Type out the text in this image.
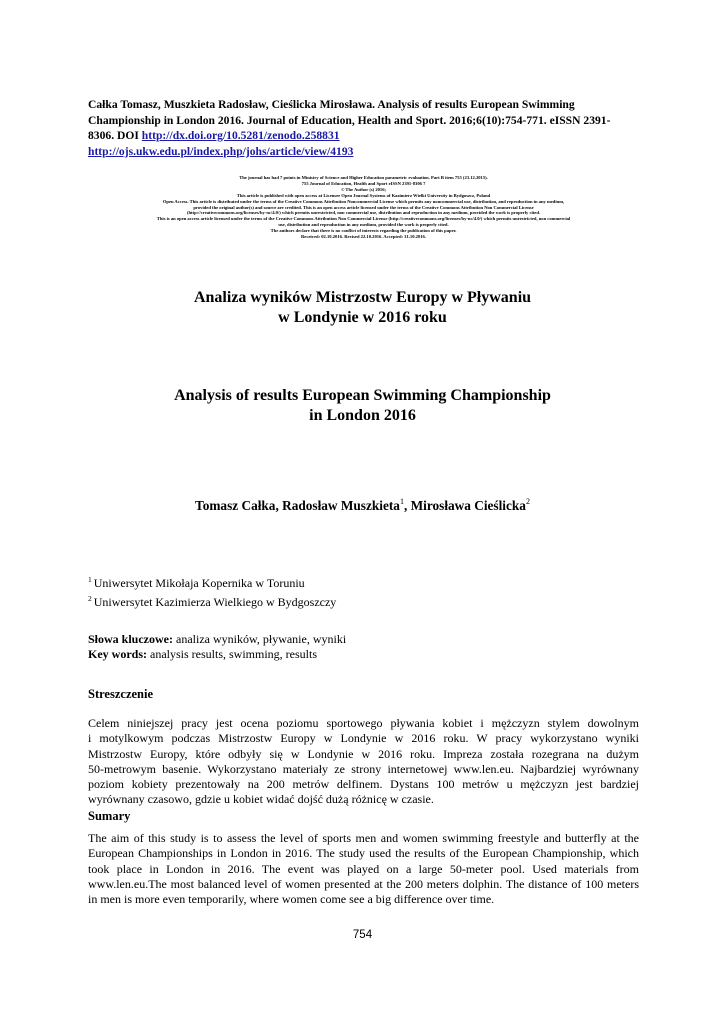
Całka Tomasz, Muszkieta Radosław, Cieślicka Mirosława. Analysis of results European Swimming
Championship in London 2016. Journal of Education, Health and Sport. 2016;6(10):754-771. eISSN 2391-
8306. DOI http://dx.doi.org/10.5281/zenodo.258831
http://ojs.ukw.edu.pl/index.php/johs/article/view/4193
The journal has had 7 points in Ministry of Science and Higher Education parametric evaluation. Part B item 755 (23.12.2015).
755 Journal of Education, Health and Sport eISSN 2391-8306 7
© The Author (s) 2016;
This article is published with open access at Licensee Open Journal Systems of Kazimierz Wielki University in Bydgoszcz, Poland
Open Access. This article is distributed under the terms of the Creative Commons Attribution Noncommercial License which permits any noncommercial use, distribution, and reproduction in any medium,
provided the original author(s) and source are credited. This is an open access article licensed under the terms of the Creative Commons Attribution Non Commercial License
(http://creativecommons.org/licenses/by-nc/4.0/) which permits unrestricted, non commercial use, distribution and reproduction in any medium, provided the work is properly cited.
This is an open access article licensed under the terms of the Creative Commons Attribution Non Commercial License (http://creativecommons.org/licenses/by-nc/4.0/) which permits unrestricted, non commercial
use, distribution and reproduction in any medium, provided the work is properly cited.
The authors declare that there is no conflict of interests regarding the publication of this paper.
Received: 02.10.2016. Revised 22.10.2016. Accepted: 31.10.2016.
Analiza wyników Mistrzostw Europy w Pływaniu
w Londynie w 2016 roku
Analysis of results European Swimming Championship
in London 2016
Tomasz Całka, Radosław Muszkieta$^1$, Mirosława Cieślicka$^2$
$^1$ Uniwersytet Mikołaja Kopernika w Toruniu
$^2$ Uniwersytet Kazimierza Wielkiego w Bydgoszczy
Słowa kluczowe: analiza wyników, pływanie, wyniki
Key words: analysis results, swimming, results
Streszczenie
Celem niniejszej pracy jest ocena poziomu sportowego pływania kobiet i mężczyzn stylem dowolnym
i motylkowym podczas Mistrzostw Europy w Londynie w 2016 roku. W pracy wykorzystano wyniki
Mistrzostw Europy, które odbyły się w Londynie w 2016 roku. Impreza została rozegrana na dużym
50-metrowym basenie. Wykorzystano materiały ze strony internetowej www.len.eu. Najbardziej wyrównany
poziom kobiety prezentowały na 200 metrów delfinem. Dystans 100 metrów u mężczyzn jest bardziej
wyrównany czasowo, gdzie u kobiet widać dojść dużą różnicę w czasie.
Sumary
The aim of this study is to assess the level of sports men and women swimming freestyle and butterfly at the
European Championships in London in 2016. The study used the results of the European Championship, which
took place in London in 2016. The event was played on a large 50-meter pool. Used materials from
www.len.eu.The most balanced level of women presented at the 200 meters dolphin. The distance of 100 meters
in men is more even temporarily, where women come see a big difference over time.
754
